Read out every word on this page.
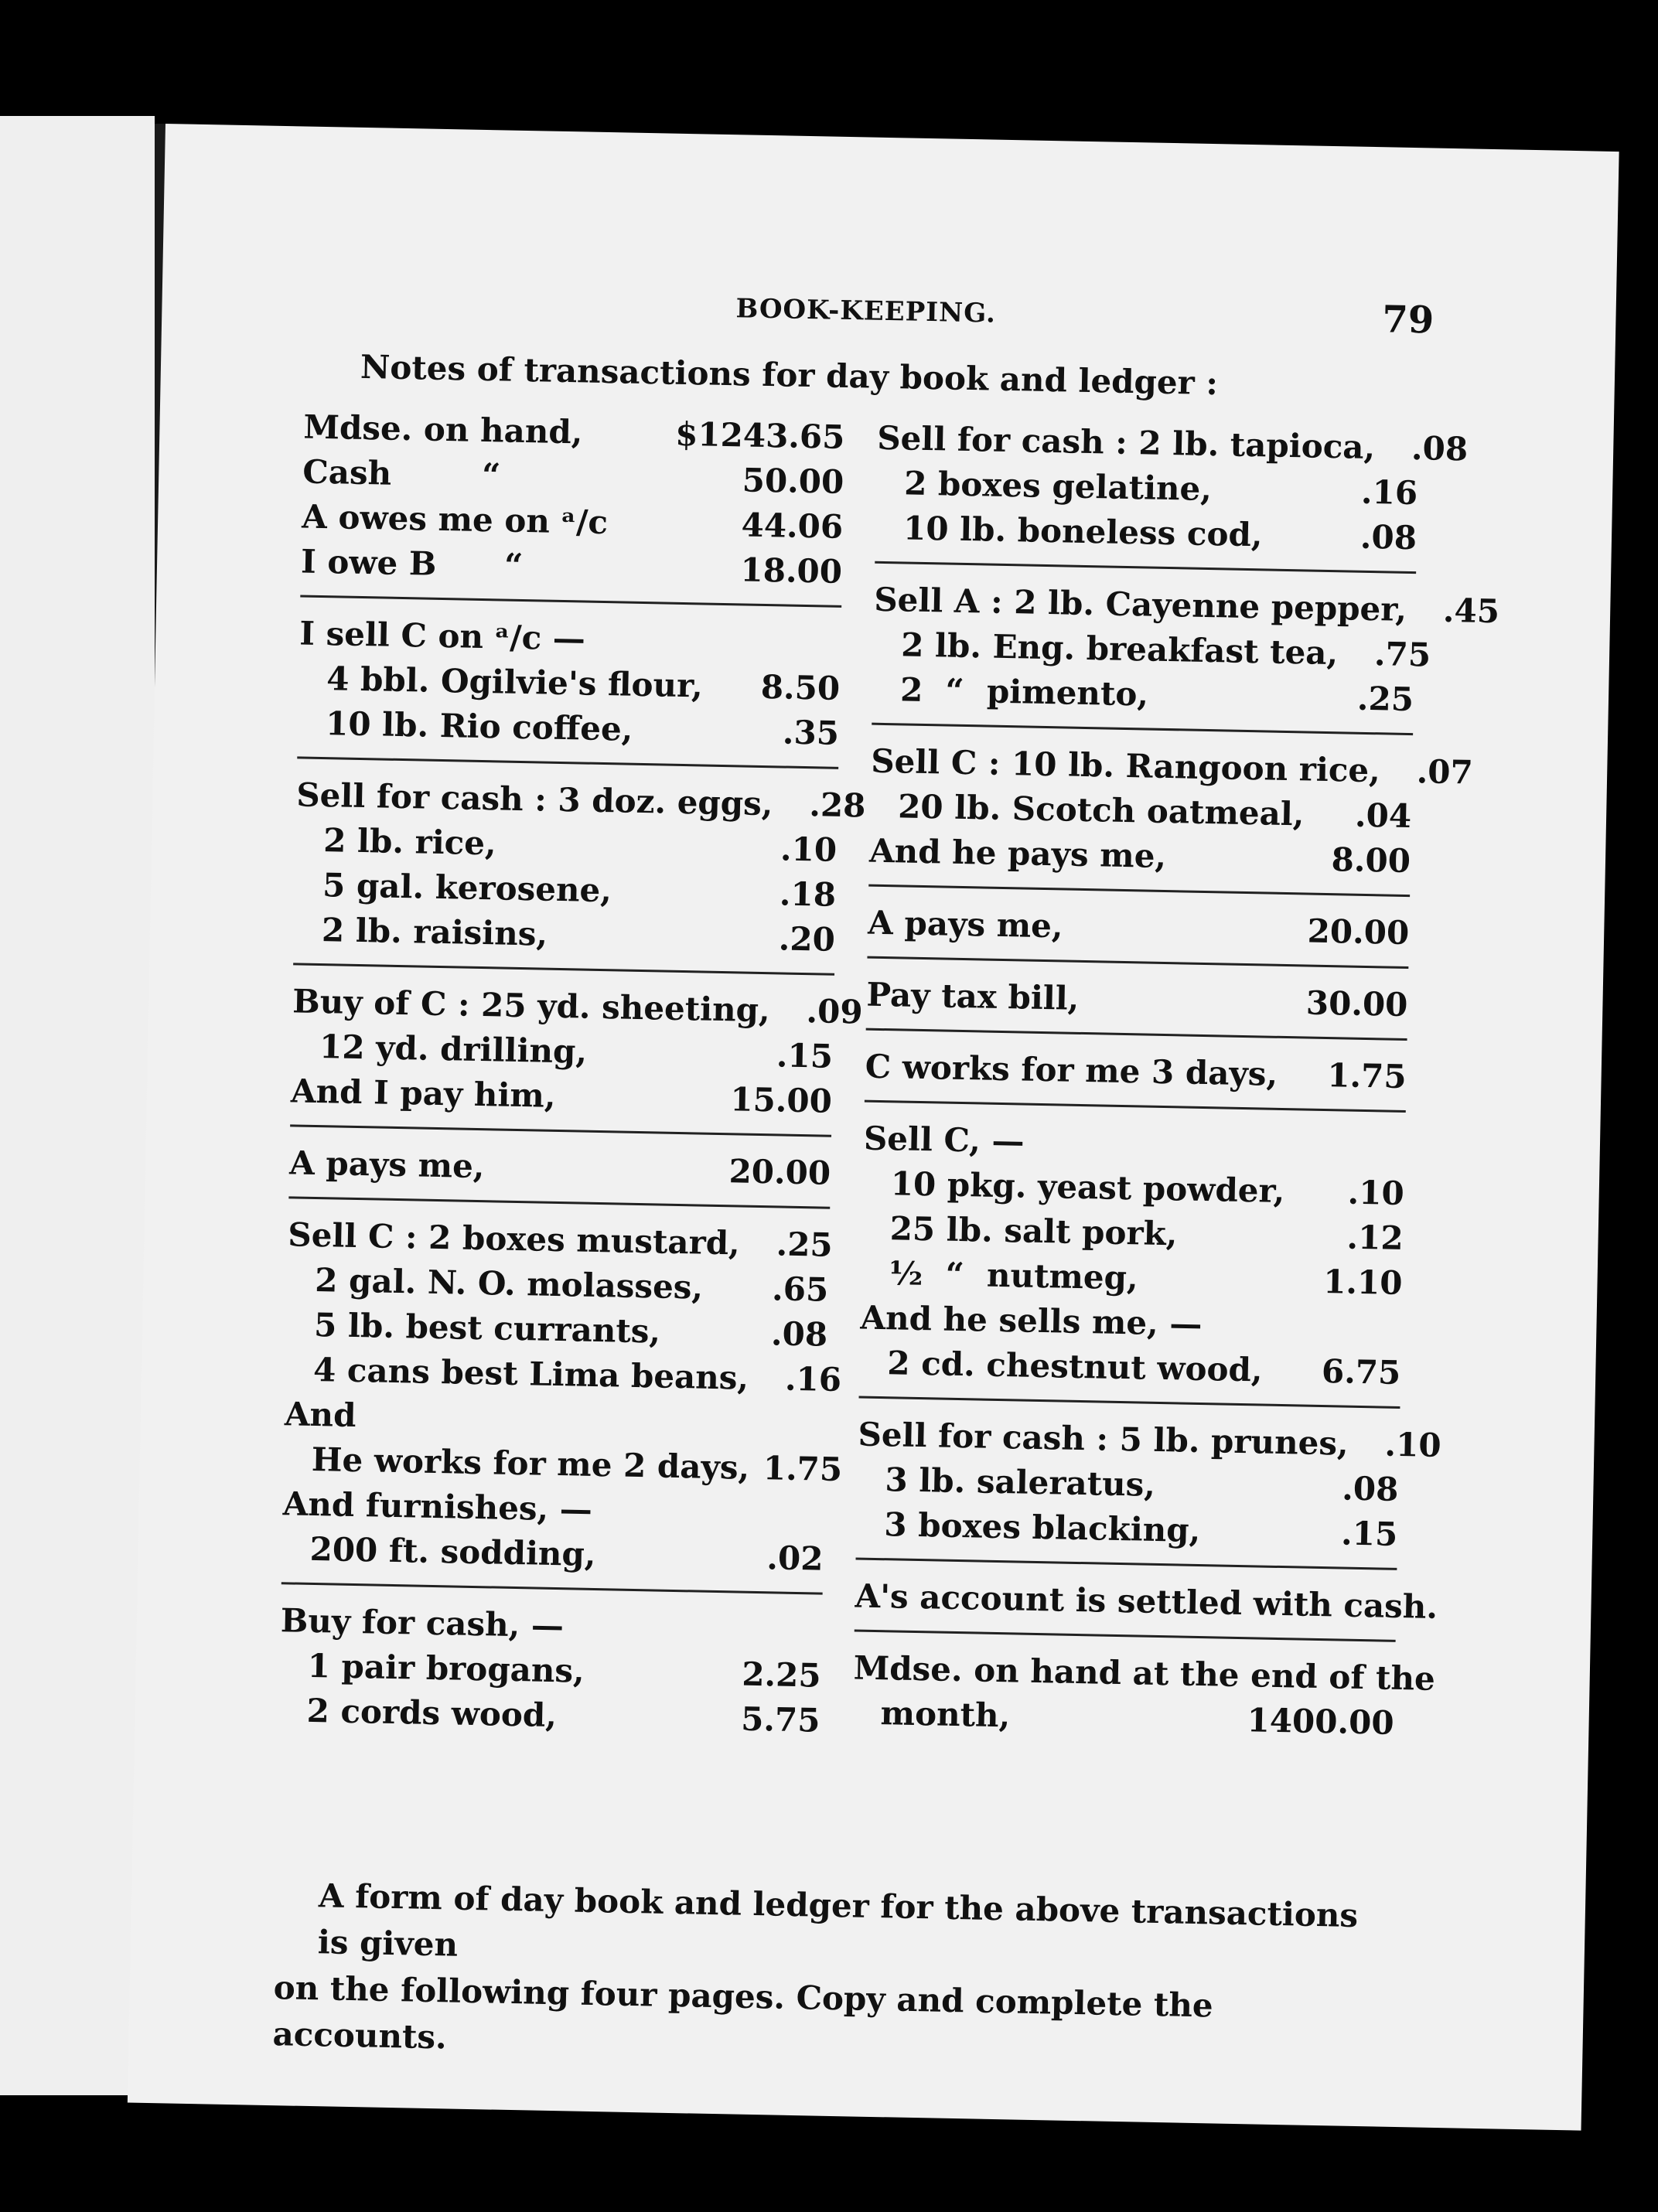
BOOK-KEEPING.	79
Notes of transactions for day book and ledger :
Mdse. on hand,	$1243.65
Cash        “	50.00
A owes me on ᵃ/c	44.06
I owe B      “	18.00
I sell C on ᵃ/c —
4 bbl. Ogilvie's flour,	8.50
10 lb. Rio coffee,	.35
Sell for cash : 3 doz. eggs,	.28
2 lb. rice,	.10
5 gal. kerosene,	.18
2 lb. raisins,	.20
Buy of C : 25 yd. sheeting,	.09
12 yd. drilling,	.15
And I pay him,	15.00
A pays me,	20.00
Sell C : 2 boxes mustard,	.25
2 gal. N. O. molasses,	.65
5 lb. best currants,	.08
4 cans best Lima beans,	.16
And
He works for me 2 days, 1.75
And furnishes, —
200 ft. sodding,	.02
Buy for cash, —
1 pair brogans,	2.25
2 cords wood,	5.75
Sell for cash : 2 lb. tapioca,	.08
2 boxes gelatine,	.16
10 lb. boneless cod,	.08
Sell A : 2 lb. Cayenne pepper,	.45
2 lb. Eng. breakfast tea,	.75
2  “  pimento,	.25
Sell C : 10 lb. Rangoon rice,	.07
20 lb. Scotch oatmeal,	.04
And he pays me,	8.00
A pays me,	20.00
Pay tax bill,	30.00
C works for me 3 days,	1.75
Sell C, —
10 pkg. yeast powder,	.10
25 lb. salt pork,	.12
½  “  nutmeg,	1.10
And he sells me, —
2 cd. chestnut wood,	6.75
Sell for cash : 5 lb. prunes,	.10
3 lb. saleratus,	.08
3 boxes blacking,	.15
A's account is settled with cash.
Mdse. on hand at the end of the
month,	1400.00
A form of day book and ledger for the above transactions is given
on the following four pages. Copy and complete the accounts.
